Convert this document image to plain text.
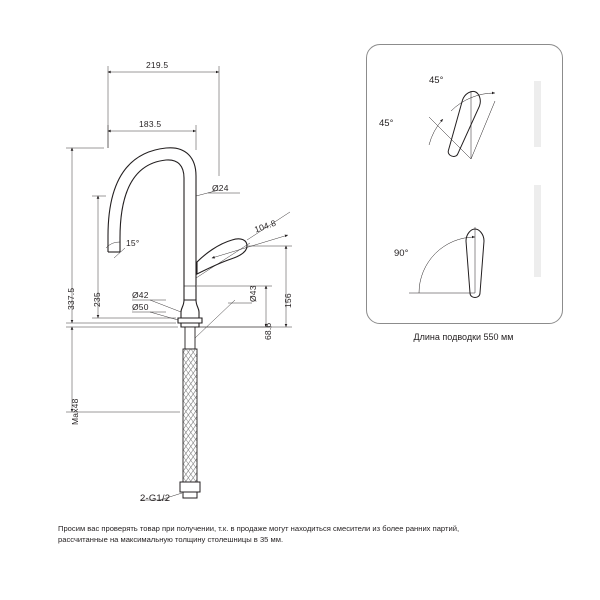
219.5
183.5
Ø24
15°
104.8
337.5 235	Ø42
Ø50
Ø43
68.6
156
Max48
2-G1/2
45°
45°
90°
Длина подводки 550 мм
Просим вас проверять товар при получении, т.к. в продаже могут находиться смесители из более ранних партий,
рассчитанные на максимальную толщину столешницы в 35 мм.
